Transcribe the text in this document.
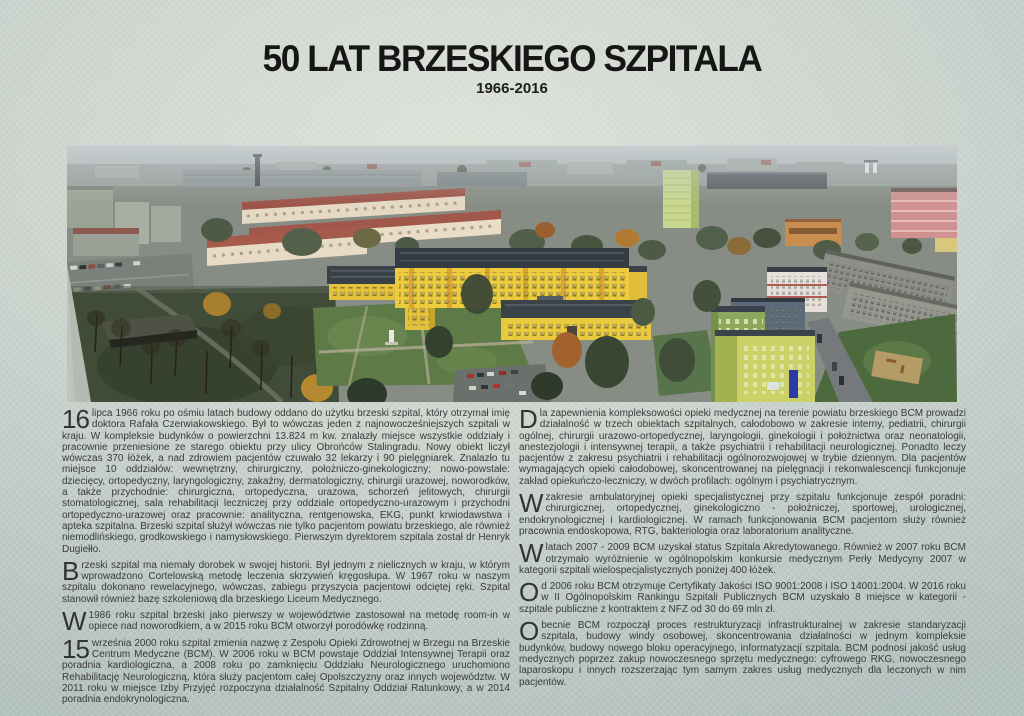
50 LAT BRZESKIEGO SZPITALA
1966-2016

16 lipca 1966 roku po ośmiu latach budowy oddano do użytku brzeski szpital, który otrzymał imię doktora Rafała Czerwiakowskiego. Był to wówczas jeden z najnowocześniejszych szpitali w kraju. W kompleksie budynków o powierzchni 13.824 m kw. znalazły miejsce wszystkie oddziały i pracownie przeniesione ze starego obiektu przy ulicy Obrońców Stalingradu. Nowy obiekt liczył wówczas 370 łóżek, a nad zdrowiem pacjentów czuwało 32 lekarzy i 90 pielęgniarek. Znalazło tu miejsce 10 oddziałów: wewnętrzny, chirurgiczny, położniczo-ginekologiczny; nowo-powstałe: dziecięcy, ortopedyczny, laryngologiczny, zakaźny, dermatologiczny, chirurgii urazowej, noworodków, a także przychodnie: chirurgiczna, ortopedyczna, urazowa, schorzeń jelitowych, chirurgii stomatologicznej, sala rehabilitacji leczniczej przy oddziale ortopedyczno-urazowym i przychodni ortopedyczno-urazowej oraz pracownie: analityczna, rentgenowska, EKG, punkt krwiodawstwa i apteka szpitalna. Brzeski szpital służył wówczas nie tylko pacjentom powiatu brzeskiego, ale również niemodlińskiego, grodkowskiego i namysłowskiego. Pierwszym dyrektorem szpitala został dr Henryk Dugiełło.

Brzeski szpital ma niemały dorobek w swojej historii. Był jednym z nielicznych w kraju, w którym wprowadzono Cortelowską metodę leczenia skrzywień kręgosłupa. W 1967 roku w naszym szpitalu dokonano rewelacyjnego, wówczas, zabiegu przyszycia pacjentowi odciętej ręki. Szpital stanowił również bazę szkoleniową dla brzeskiego Liceum Medycznego.

W 1986 roku szpital brzeski jako pierwszy w województwie zastosował na metodę room-in w opiece nad noworodkiem, a w 2015 roku BCM otworzył porodówkę rodzinną.

15 września 2000 roku szpital zmienia nazwę z Zespołu Opieki Zdrowotnej w Brzegu na Brzeskie Centrum Medyczne (BCM). W 2006 roku w BCM powstaje Oddział Intensywnej Terapii oraz poradnia kardiologiczna, a 2008 roku po zamknięciu Oddziału Neurologicznego uruchomiono Rehabilitację Neurologiczną, która służy pacjentom całej Opolszczyzny oraz innych województw. W 2011 roku w miejsce Izby Przyjęć rozpoczyna działalność Szpitalny Oddział Ratunkowy, a w 2014 poradnia endokrynologiczna.

Dla zapewnienia kompleksowości opieki medycznej na terenie powiatu brzeskiego BCM prowadzi działalność w trzech obiektach szpitalnych, całodobowo w zakresie interny, pediatrii, chirurgii ogólnej, chirurgii urazowo-ortopedycznej, laryngologii, ginekologii i położnictwa oraz neonatologii, anestezjologii i intensywnej terapii, a także psychiatrii i rehabilitacji neurologicznej. Ponadto leczy pacjentów z zakresu psychiatrii i rehabilitacji ogólnorozwojowej w trybie dziennym. Dla pacjentów wymagających opieki całodobowej, skoncentrowanej na pielęgnacji i rekonwalescencji funkcjonuje zakład opiekuńczo-leczniczy, w dwóch profilach: ogólnym i psychiatrycznym.

Wzakresie ambulatoryjnej opieki specjalistycznej przy szpitalu funkcjonuje zespół poradni: chirurgicznej, ortopedycznej, ginekologiczno - położniczej, sportowej, urologicznej, endokrynologicznej i kardiologicznej. W ramach funkcjonowania BCM pacjentom służy również pracownia endoskopowa, RTG, bakteriologia oraz laboratorium analityczne.

Wlatach 2007 - 2009 BCM uzyskał status Szpitala Akredytowanego. Również w 2007 roku BCM otrzymało wyróżnienie w ogólnopolskim konkursie medycznym Perły Medycyny 2007 w kategorii szpitali wielospecjalistycznych poniżej 400 łóżek.

Od 2006 roku BCM otrzymuje Certyfikaty Jakości ISO 9001:2008 i ISO 14001:2004. W 2016 roku w II Ogólnopolskim Rankingu Szpitali Publicznych BCM uzyskało 8 miejsce w kategorii - szpitale publiczne z kontraktem z NFZ od 30 do 69 mln zł.

Obecnie BCM rozpoczął proces restrukturyzacji infrastrukturalnej w zakresie standaryzacji szpitala, budowy windy osobowej, skoncentrowania działalności w jednym kompleksie budynków, budowy nowego bloku operacyjnego, informatyzacji szpitala. BCM podnosi jakość usług medycznych poprzez zakup nowoczesnego sprzętu medycznego: cyfrowego RKG, nowoczesnego laparoskopu i innych rozszerzając tym samym zakres usług medycznych dla leczonych w nim pacjentów.
